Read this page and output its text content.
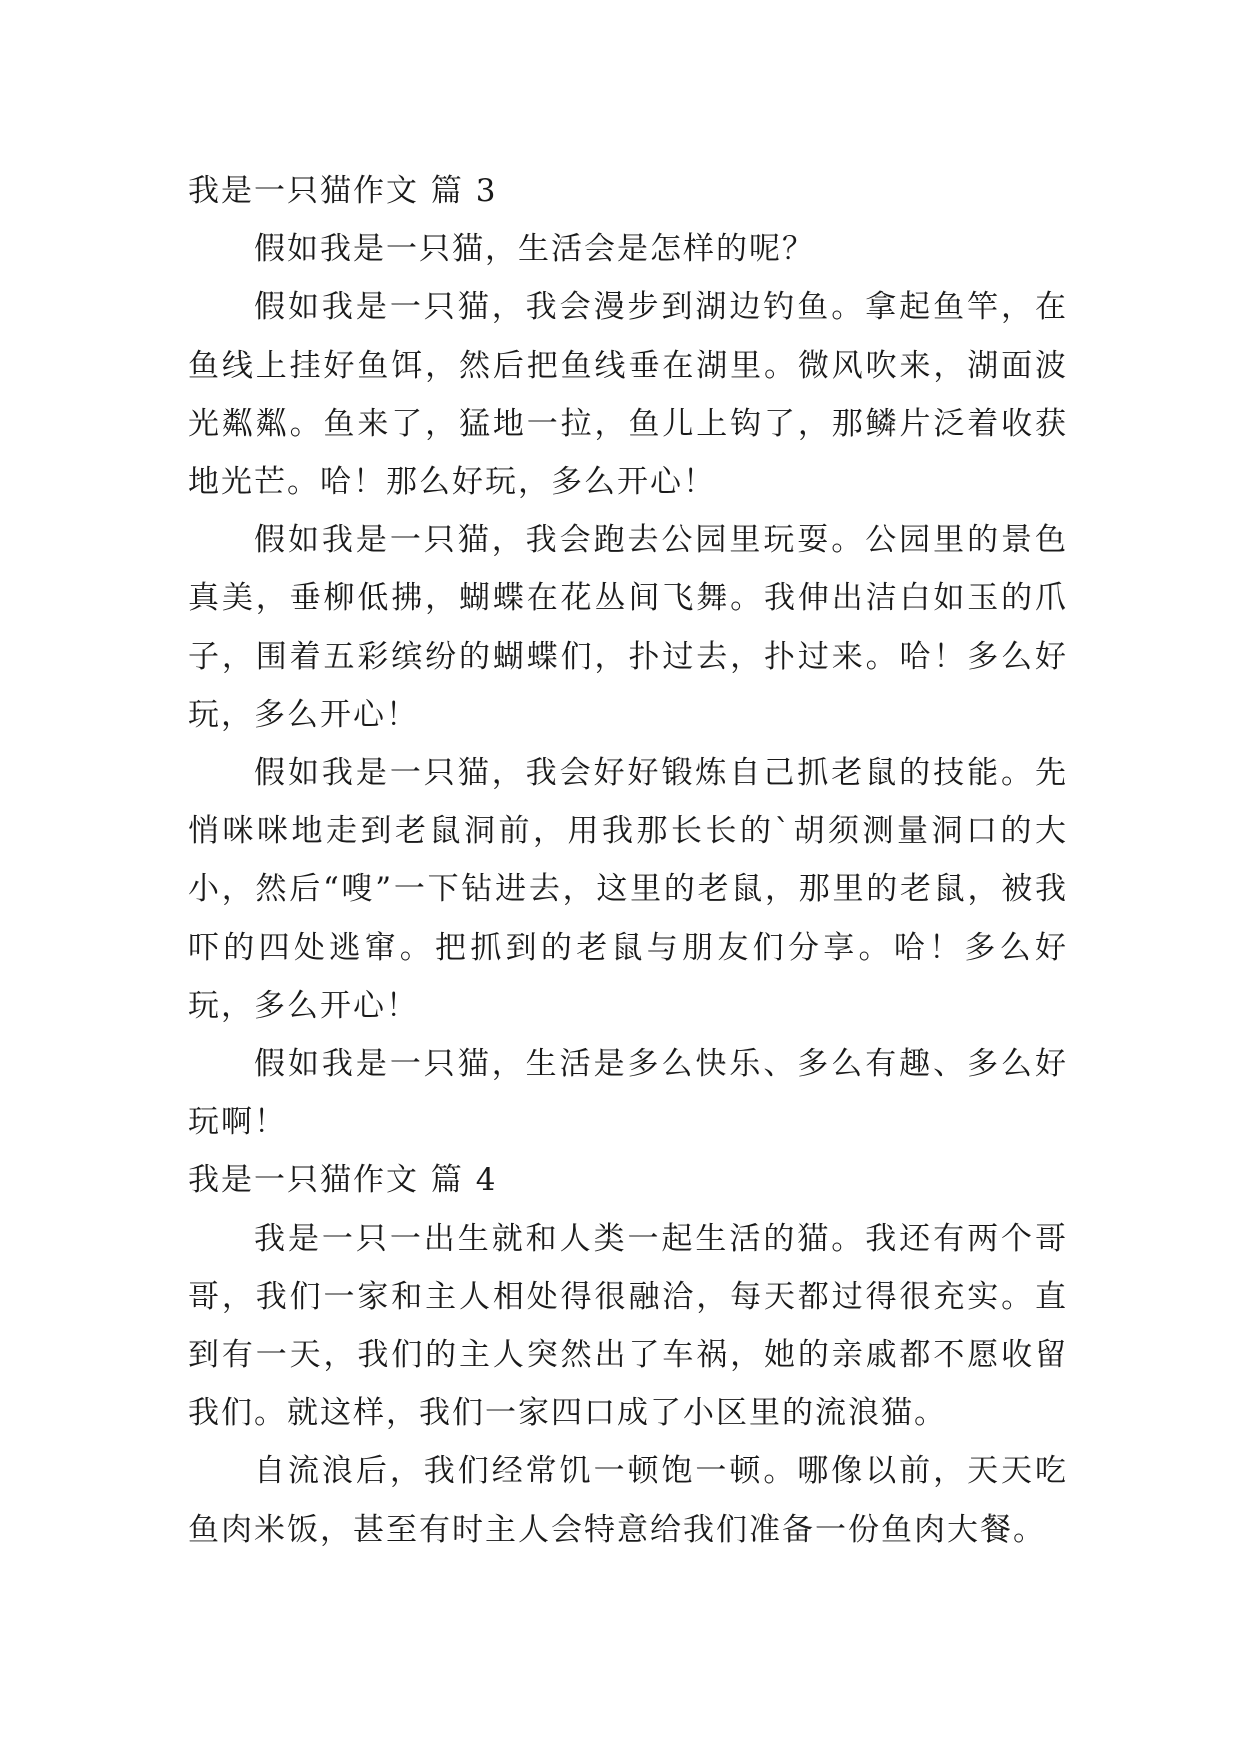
我是一只猫作文 篇 3

假如我是一只猫，生活会是怎样的呢？

假如我是一只猫，我会漫步到湖边钓鱼。拿起鱼竿，在鱼线上挂好鱼饵，然后把鱼线垂在湖里。微风吹来，湖面波光粼粼。鱼来了，猛地一拉，鱼儿上钩了，那鳞片泛着收获地光芒。哈！那么好玩，多么开心！

假如我是一只猫，我会跑去公园里玩耍。公园里的景色真美，垂柳低拂，蝴蝶在花丛间飞舞。我伸出洁白如玉的爪子，围着五彩缤纷的蝴蝶们，扑过去，扑过来。哈！多么好玩，多么开心！

假如我是一只猫，我会好好锻炼自己抓老鼠的技能。先悄咪咪地走到老鼠洞前，用我那长长的`胡须测量洞口的大小，然后“嗖”一下钻进去，这里的老鼠，那里的老鼠，被我吓的四处逃窜。把抓到的老鼠与朋友们分享。哈！多么好玩，多么开心！

假如我是一只猫，生活是多么快乐、多么有趣、多么好玩啊！

我是一只猫作文 篇 4

我是一只一出生就和人类一起生活的猫。我还有两个哥哥，我们一家和主人相处得很融洽，每天都过得很充实。直到有一天，我们的主人突然出了车祸，她的亲戚都不愿收留我们。就这样，我们一家四口成了小区里的流浪猫。

自流浪后，我们经常饥一顿饱一顿。哪像以前，天天吃鱼肉米饭，甚至有时主人会特意给我们准备一份鱼肉大餐。
